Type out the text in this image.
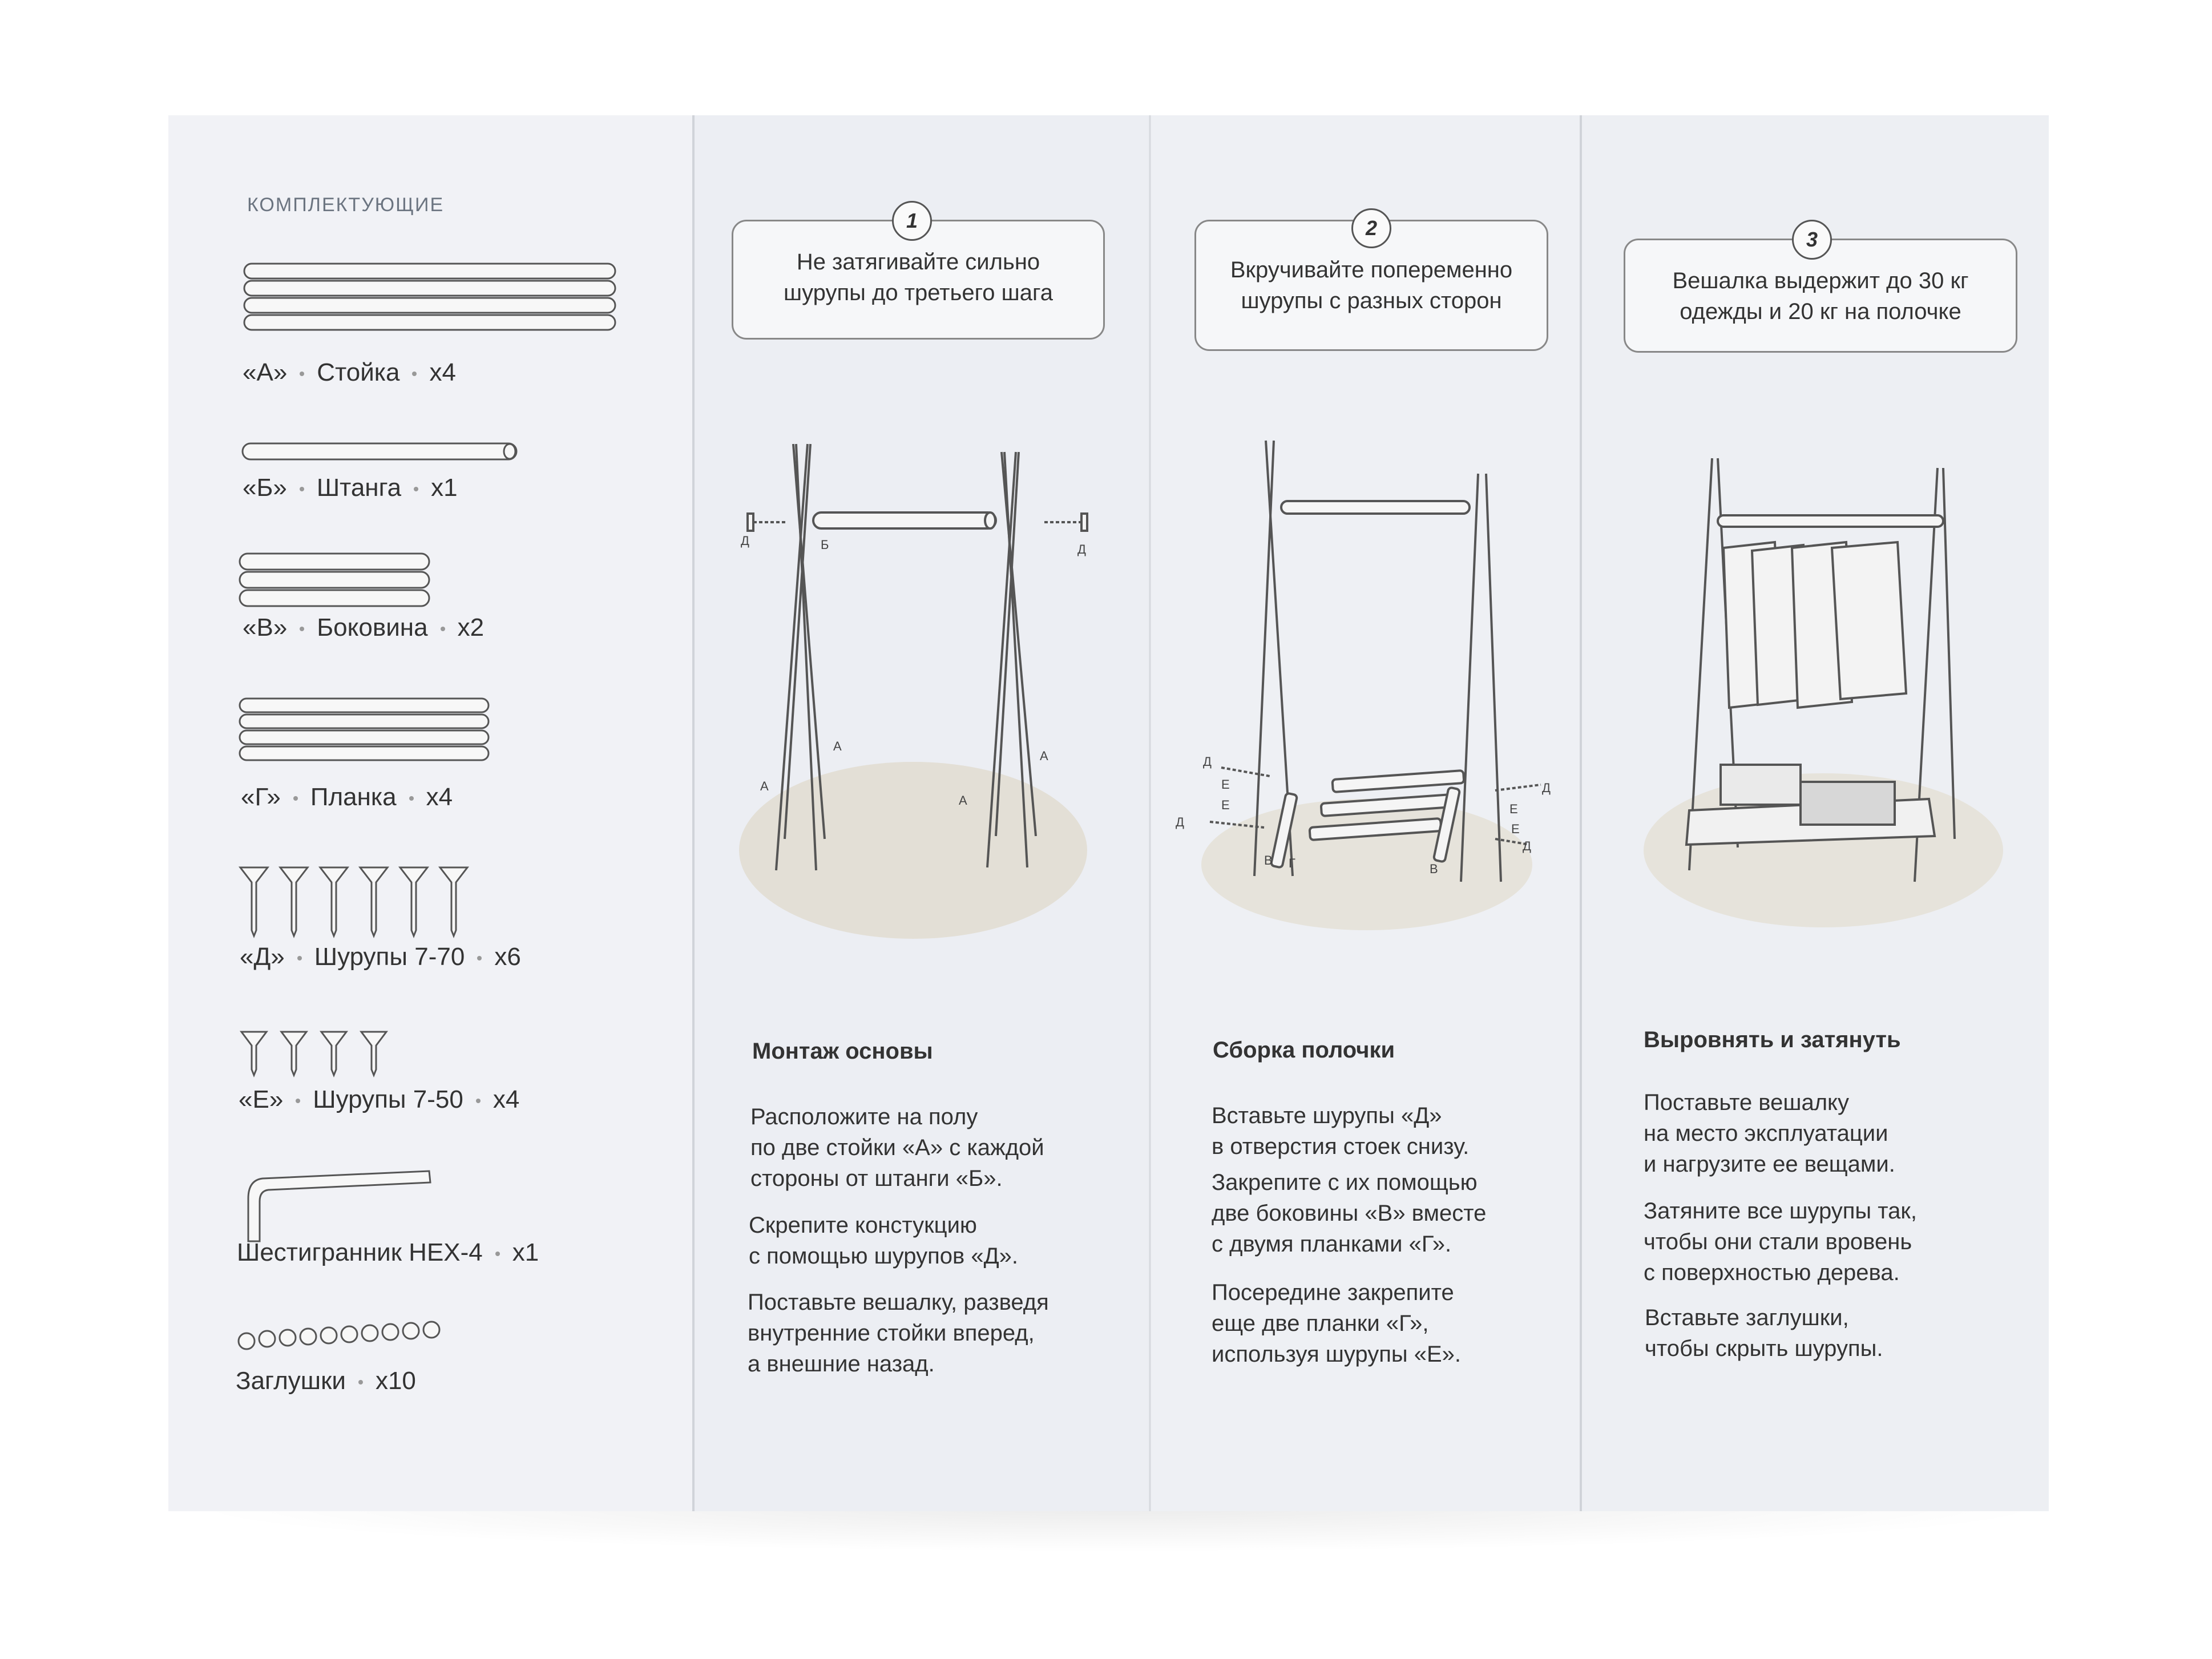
КОМПЛЕКТУЮЩИЕ
«А» Стойка x4
«Б» Штанга x1
«В» Боковина x2
«Г» Планка x4
«Д» Шурупы 7-70 x6
«Е» Шурупы 7-50 x4
Шестигранник HEX-4 x1
Заглушки x10
Не затягивайте сильно
шурупы до третьего шага
1
Д	Б	Д
А
А
А
А
Монтаж основы
Расположите на полу
по две стойки «А» с каждой
стороны от штанги «Б».
Скрепите констукцию
с помощью шурупов «Д».
Поставьте вешалку, разведя
внутренние стойки вперед,
а внешние назад.
Вкручивайте попеременно
шурупы с разных сторон
2
Д
Е
Е
Д
В Г	В
Д
Е
Е
Д
Сборка полочки
Вставьте шурупы «Д»
в отверстия стоек снизу.
Закрепите с их помощью
две боковины «В» вместе
с двумя планками «Г».
Посередине закрепите
еще две планки «Г»,
используя шурупы «Е».
Вешалка выдержит до 30 кг
одежды и 20 кг на полочке
3
Выровнять и затянуть
Поставьте вешалку
на место эксплуатации
и нагрузите ее вещами.
Затяните все шурупы так,
чтобы они стали вровень
с поверхностью дерева.
Вставьте заглушки,
чтобы скрыть шурупы.
